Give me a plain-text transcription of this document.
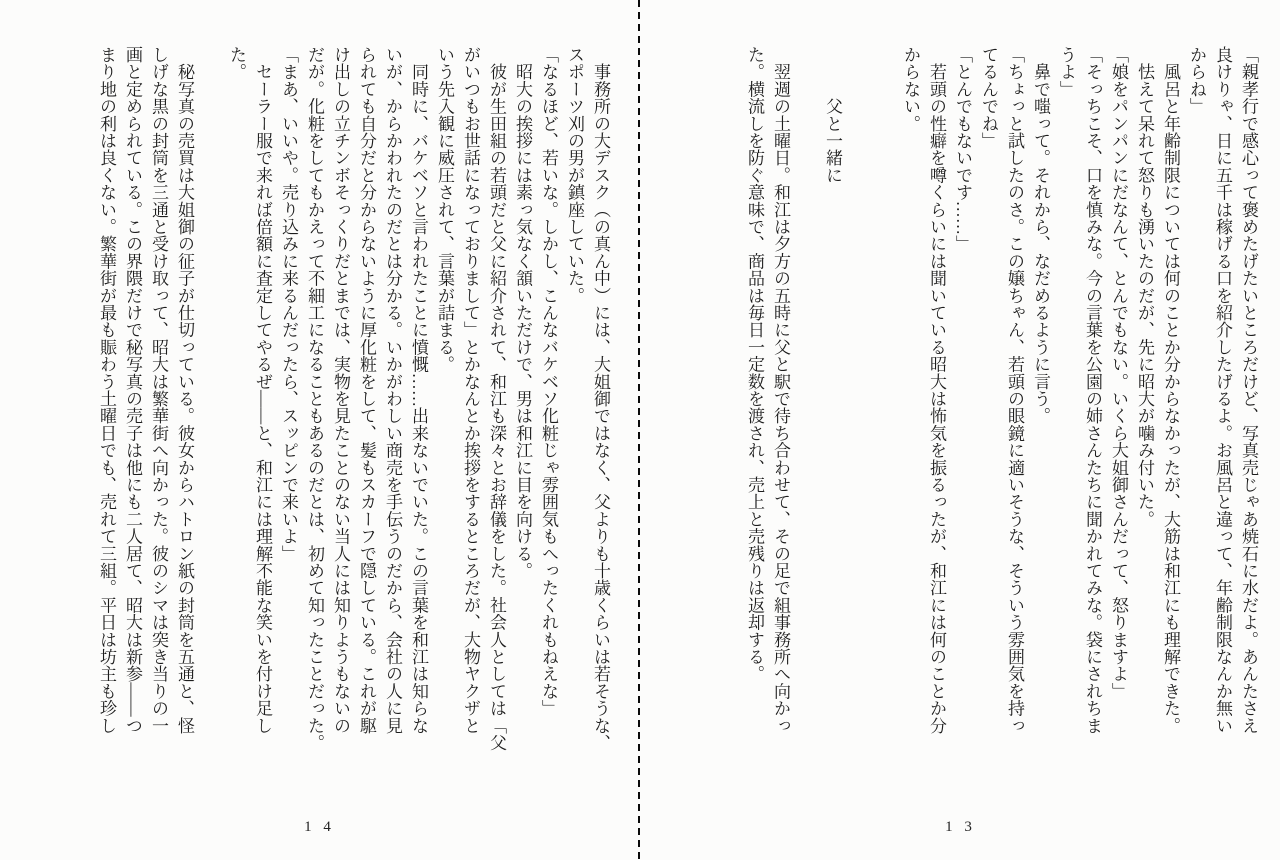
　事務所の大デスク（の真ん中）には、大姐御ではなく、父よりも十歳くらいは若そうな、
スポーツ刈の男が鎮座していた。
「なるほど、若いな。しかし、こんなバケベソ化粧じゃ雰囲気もへったくれもねえな」
　昭大の挨拶には素っ気なく頷いただけで、男は和江に目を向ける。
　彼が生田組の若頭だと父に紹介されて、和江も深々とお辞儀をした。社会人としては「父
がいつもお世話になっておりまして」とかなんとか挨拶をするところだが、大物ヤクザと
いう先入観に威圧されて、言葉が詰まる。
　同時に、バケベソと言われたことに憤慨……出来ないでいた。この言葉を和江は知らな
いが、からかわれたのだとは分かる。いかがわしい商売を手伝うのだから、会社の人に見
られても自分だと分からないように厚化粧をして、髪もスカーフで隠している。これが駆
け出しの立チンボそっくりだとまでは、実物を見たことのない当人には知りようもないの
だが。化粧をしてもかえって不細工になることもあるのだとは、初めて知ったことだった。
「まあ、いいや。売り込みに来るんだったら、スッピンで来いよ」
　セーラー服で来れば倍額に査定してやるぜ――と、和江には理解不能な笑いを付け足し
た。

　秘写真の売買は大姐御の征子が仕切っている。彼女からハトロン紙の封筒を五通と、怪
しげな黒の封筒を三通と受け取って、昭大は繁華街へ向かった。彼のシマは突き当りの一
画と定められている。この界隈だけで秘写真の売子は他にも二人居て、昭大は新参――つ
まり地の利は良くない。繁華街が最も賑わう土曜日でも、売れて三組。平日は坊主も珍し
1 4
「親孝行で感心って褒めたげたいところだけど、写真売じゃあ焼石に水だよ。あんたさえ
良けりゃ、日に五千は稼げる口を紹介したげるよ。お風呂と違って、年齢制限なんか無い
からね」
　風呂と年齢制限については何のことか分からなかったが、大筋は和江にも理解できた。
　怯えて呆れて怒りも湧いたのだが、先に昭大が噛み付いた。
「娘をパンパンにだなんて、とんでもない。いくら大姐御さんだって、怒りますよ」
「そっちこそ、口を慎みな。今の言葉を公園の姉さんたちに聞かれてみな。袋にされちま
うよ」
　鼻で嗤って。それから、なだめるように言う。
「ちょっと試したのさ。この嬢ちゃん、若頭の眼鏡に適いそうな、そういう雰囲気を持っ
てるんでね」
「とんでもないです……」
　若頭の性癖を噂くらいには聞いている昭大は怖気を振るったが、和江には何のことか分
からない。

　　　父と一緒に

　翌週の土曜日。和江は夕方の五時に父と駅で待ち合わせて、その足で組事務所へ向かっ
た。横流しを防ぐ意味で、商品は毎日一定数を渡され、売上と売残りは返却する。
1 3
